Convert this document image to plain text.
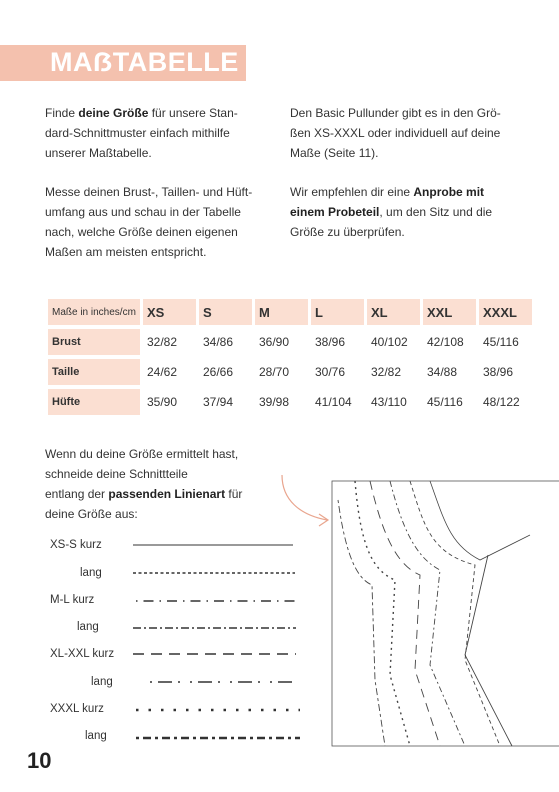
MAẞTABELLE

Finde deine Größe für unsere Stan-dard-Schnittmuster einfach mithilfe unserer Maßtabelle.

Messe deinen Brust-, Taillen- und Hüft-umfang aus und schau in der Tabelle nach, welche Größe deinen eigenen Maßen am meisten entspricht.

Den Basic Pullunder gibt es in den Grö-ßen XS-XXXL oder individuell auf deine Maße (Seite 11).

Wir empfehlen dir eine Anprobe mit einem Probeteil, um den Sitz und die Größe zu überprüfen.

Maße in inches/cm	XS	S	M	L	XL	XXL	XXXL
Brust	32/82	34/86	36/90	38/96	40/102	42/108	45/116
Taille	24/62	26/66	28/70	30/76	32/82	34/88	38/96
Hüfte	35/90	37/94	39/98	41/104	43/110	45/116	48/122
Wenn du deine Größe ermittelt hast,
schneide deine Schnittteile
entlang der passenden Linienart für
deine Größe aus:
XS-S kurz
lang
M-L kurz
lang
XL-XXL kurz
lang
XXXL kurz
lang
10
